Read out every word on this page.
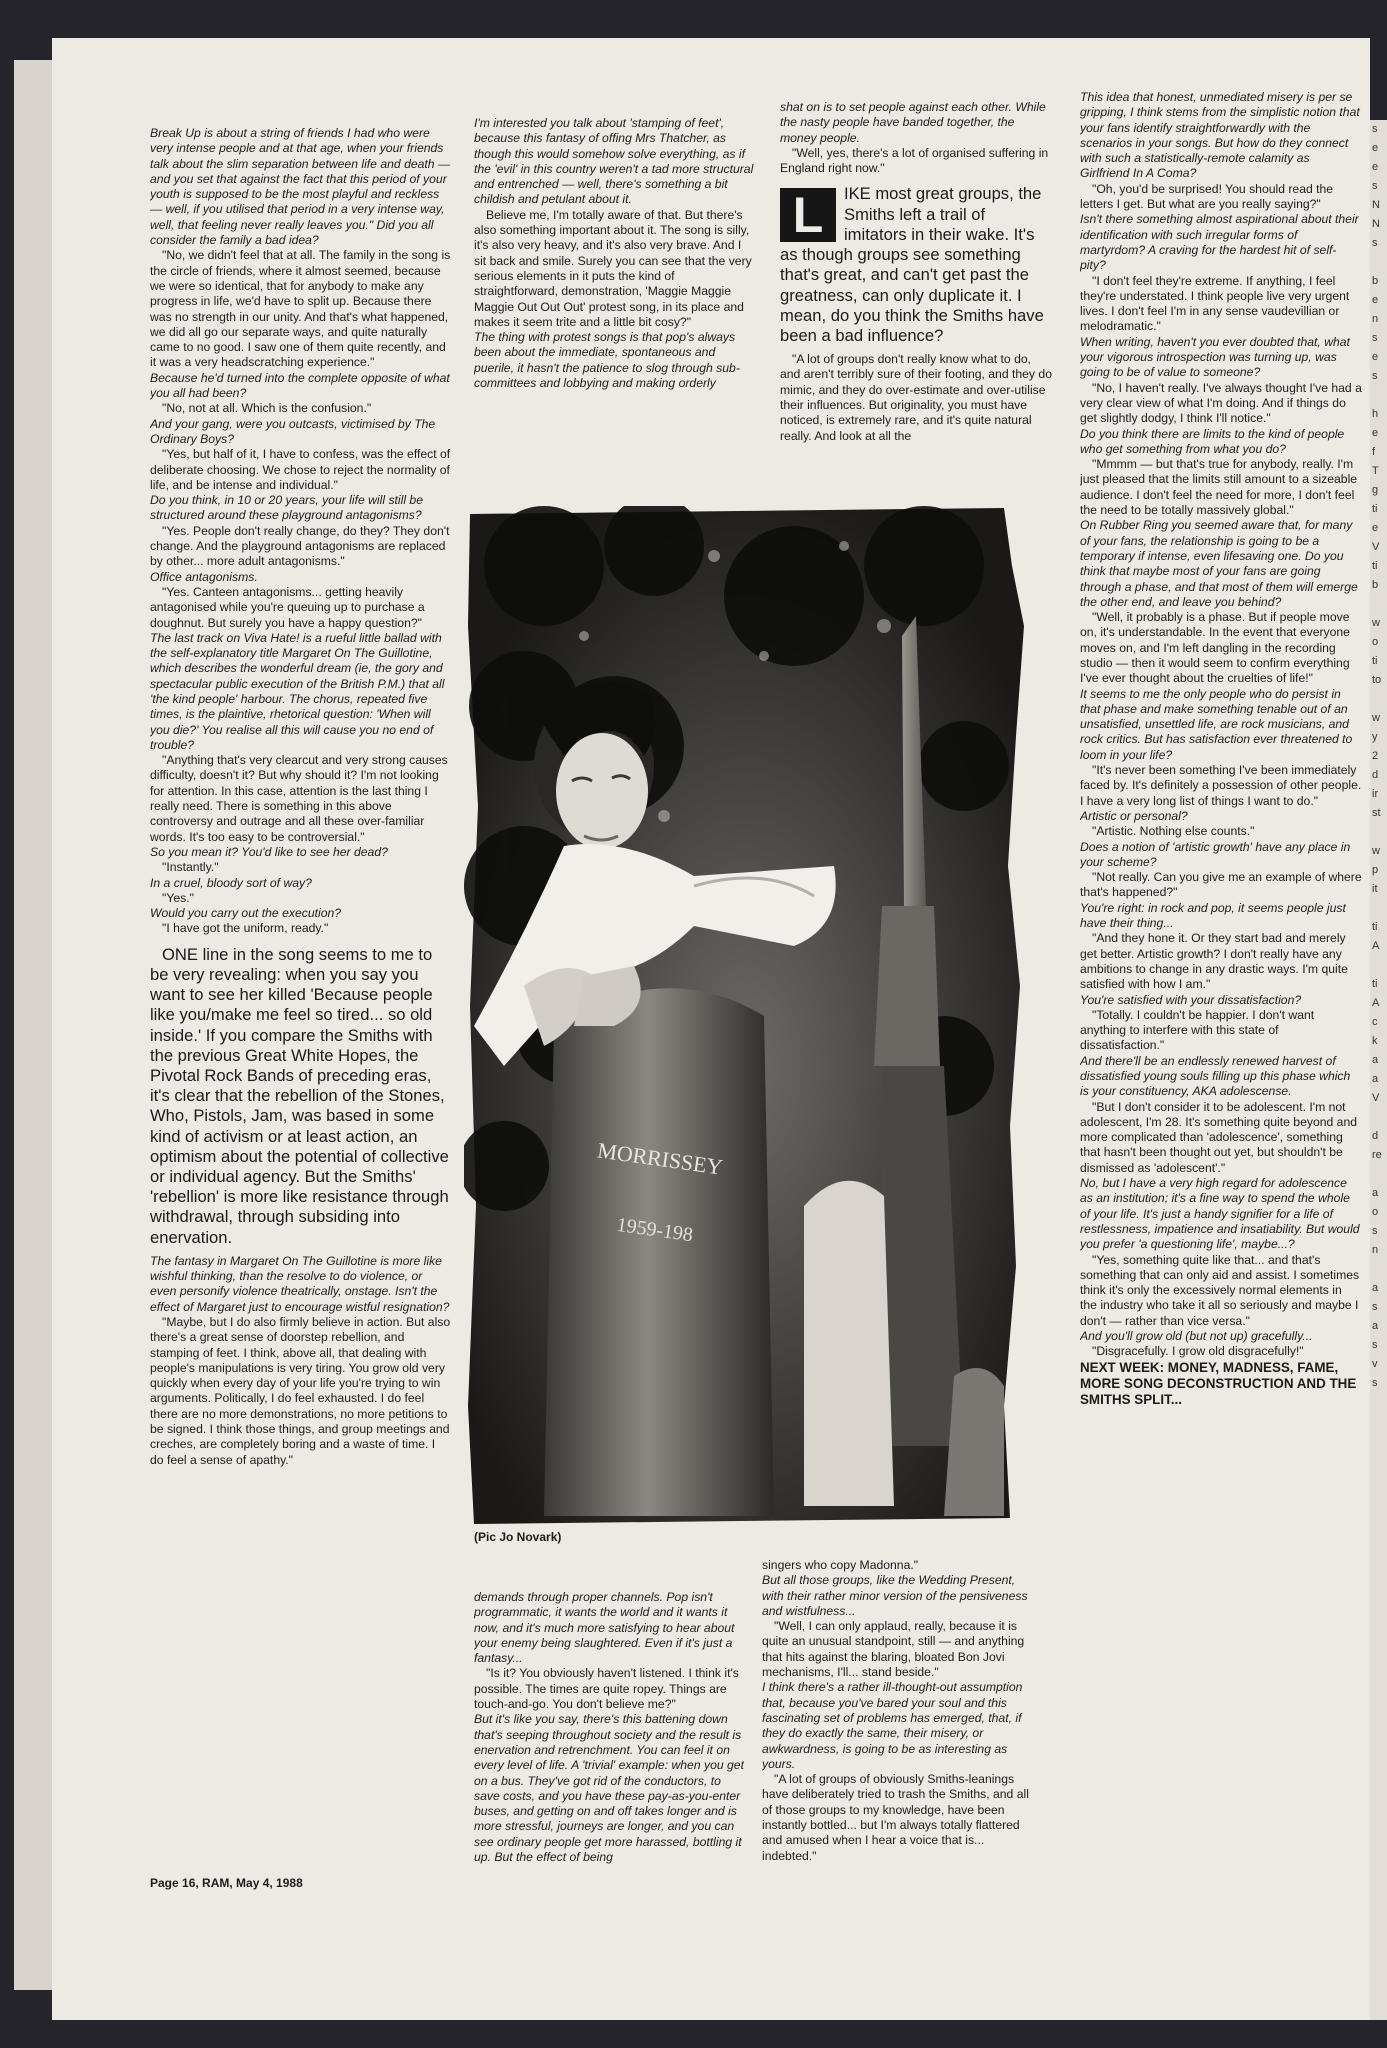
Break Up is about a string of friends I had who were very intense people and at that age, when your friends talk about the slim separation between life and death — and you set that against the fact that this period of your youth is supposed to be the most playful and reckless — well, if you utilised that period in a very intense way, well, that feeling never really leaves you." Did you all consider the family a bad idea?

"No, we didn't feel that at all. The family in the song is the circle of friends, where it almost seemed, because we were so identical, that for anybody to make any progress in life, we'd have to split up. Because there was no strength in our unity. And that's what happened, we did all go our separate ways, and quite naturally came to no good. I saw one of them quite recently, and it was a very headscratching experience."

Because he'd turned into the complete opposite of what you all had been?

"No, not at all. Which is the confusion."

And your gang, were you outcasts, victimised by The Ordinary Boys?

"Yes, but half of it, I have to confess, was the effect of deliberate choosing. We chose to reject the normality of life, and be intense and individual."

Do you think, in 10 or 20 years, your life will still be structured around these playground antagonisms?

"Yes. People don't really change, do they? They don't change. And the playground antagonisms are replaced by other... more adult antagonisms."

Office antagonisms.

"Yes. Canteen antagonisms... getting heavily antagonised while you're queuing up to purchase a doughnut. But surely you have a happy question?"

The last track on Viva Hate! is a rueful little ballad with the self-explanatory title Margaret On The Guillotine, which describes the wonderful dream (ie, the gory and spectacular public execution of the British P.M.) that all 'the kind people' harbour. The chorus, repeated five times, is the plaintive, rhetorical question: 'When will you die?' You realise all this will cause you no end of trouble?

"Anything that's very clearcut and very strong causes difficulty, doesn't it? But why should it? I'm not looking for attention. In this case, attention is the last thing I really need. There is something in this above controversy and outrage and all these over-familiar words. It's too easy to be controversial."

So you mean it? You'd like to see her dead?

"Instantly."

In a cruel, bloody sort of way?

"Yes."

Would you carry out the execution?

"I have got the uniform, ready."

ONE line in the song seems to me to be very revealing: when you say you want to see her killed 'Because people like you/make me feel so tired... so old inside.' If you compare the Smiths with the previous Great White Hopes, the Pivotal Rock Bands of preceding eras, it's clear that the rebellion of the Stones, Who, Pistols, Jam, was based in some kind of activism or at least action, an optimism about the potential of collective or individual agency. But the Smiths' 'rebellion' is more like resistance through withdrawal, through subsiding into enervation.

The fantasy in Margaret On The Guillotine is more like wishful thinking, than the resolve to do violence, or even personify violence theatrically, onstage. Isn't the effect of Margaret just to encourage wistful resignation?

"Maybe, but I do also firmly believe in action. But also there's a great sense of doorstep rebellion, and stamping of feet. I think, above all, that dealing with people's manipulations is very tiring. You grow old very quickly when every day of your life you're trying to win arguments. Politically, I do feel exhausted. I do feel there are no more demonstrations, no more petitions to be signed. I think those things, and group meetings and creches, are completely boring and a waste of time. I do feel a sense of apathy."

I'm interested you talk about 'stamping of feet', because this fantasy of offing Mrs Thatcher, as though this would somehow solve everything, as if the 'evil' in this country weren't a tad more structural and entrenched — well, there's something a bit childish and petulant about it.

Believe me, I'm totally aware of that. But there's also something important about it. The song is silly, it's also very heavy, and it's also very brave. And I sit back and smile. Surely you can see that the very serious elements in it puts the kind of straightforward, demonstration, 'Maggie Maggie Maggie Out Out Out' protest song, in its place and makes it seem trite and a little bit cosy?"

The thing with protest songs is that pop's always been about the immediate, spontaneous and puerile, it hasn't the patience to slog through sub-committees and lobbying and making orderly

shat on is to set people against each other. While the nasty people have banded together, the money people.

"Well, yes, there's a lot of organised suffering in England right now."

L	IKE most great groups, the Smiths left a trail of imitators in their wake. It's as though groups see something that's great, and can't get past the greatness, can only duplicate it. I mean, do you think the Smiths have been a bad influence?

"A lot of groups don't really know what to do, and aren't terribly sure of their footing, and they do mimic, and they do over-estimate and over-utilise their influences. But originality, you must have noticed, is extremely rare, and it's quite natural really. And look at all the

MORRISSEY
1959-198
(Pic Jo Novark)

demands through proper channels. Pop isn't programmatic, it wants the world and it wants it now, and it's much more satisfying to hear about your enemy being slaughtered. Even if it's just a fantasy...

"Is it? You obviously haven't listened. I think it's possible. The times are quite ropey. Things are touch-and-go. You don't believe me?"

But it's like you say, there's this battening down that's seeping throughout society and the result is enervation and retrenchment. You can feel it on every level of life. A 'trivial' example: when you get on a bus. They've got rid of the conductors, to save costs, and you have these pay-as-you-enter buses, and getting on and off takes longer and is more stressful, journeys are longer, and you can see ordinary people get more harassed, bottling it up. But the effect of being

singers who copy Madonna."

But all those groups, like the Wedding Present, with their rather minor version of the pensiveness and wistfulness...

"Well, I can only applaud, really, because it is quite an unusual standpoint, still — and anything that hits against the blaring, bloated Bon Jovi mechanisms, I'll... stand beside."

I think there's a rather ill-thought-out assumption that, because you've bared your soul and this fascinating set of problems has emerged, that, if they do exactly the same, their misery, or awkwardness, is going to be as interesting as yours.

"A lot of groups of obviously Smiths-leanings have deliberately tried to trash the Smiths, and all of those groups to my knowledge, have been instantly bottled... but I'm always totally flattered and amused when I hear a voice that is... indebted."

This idea that honest, unmediated misery is per se gripping, I think stems from the simplistic notion that your fans identify straightforwardly with the scenarios in your songs. But how do they connect with such a statistically-remote calamity as Girlfriend In A Coma?

"Oh, you'd be surprised! You should read the letters I get. But what are you really saying?"

Isn't there something almost aspirational about their identification with such irregular forms of martyrdom? A craving for the hardest hit of self-pity?

"I don't feel they're extreme. If anything, I feel they're understated. I think people live very urgent lives. I don't feel I'm in any sense vaudevillian or melodramatic."

When writing, haven't you ever doubted that, what your vigorous introspection was turning up, was going to be of value to someone?

"No, I haven't really. I've always thought I've had a very clear view of what I'm doing. And if things do get slightly dodgy, I think I'll notice."

Do you think there are limits to the kind of people who get something from what you do?

"Mmmm — but that's true for anybody, really. I'm just pleased that the limits still amount to a sizeable audience. I don't feel the need for more, I don't feel the need to be totally massively global."

On Rubber Ring you seemed aware that, for many of your fans, the relationship is going to be a temporary if intense, even lifesaving one. Do you think that maybe most of your fans are going through a phase, and that most of them will emerge the other end, and leave you behind?

"Well, it probably is a phase. But if people move on, it's understandable. In the event that everyone moves on, and I'm left dangling in the recording studio — then it would seem to confirm everything I've ever thought about the cruelties of life!"

It seems to me the only people who do persist in that phase and make something tenable out of an unsatisfied, unsettled life, are rock musicians, and rock critics. But has satisfaction ever threatened to loom in your life?

"It's never been something I've been immediately faced by. It's definitely a possession of other people. I have a very long list of things I want to do."

Artistic or personal?

"Artistic. Nothing else counts."

Does a notion of 'artistic growth' have any place in your scheme?

"Not really. Can you give me an example of where that's happened?"

You're right: in rock and pop, it seems people just have their thing...

"And they hone it. Or they start bad and merely get better. Artistic growth? I don't really have any ambitions to change in any drastic ways. I'm quite satisfied with how I am."

You're satisfied with your dissatisfaction?

"Totally. I couldn't be happier. I don't want anything to interfere with this state of dissatisfaction."

And there'll be an endlessly renewed harvest of dissatisfied young souls filling up this phase which is your constituency, AKA adolescense.

"But I don't consider it to be adolescent. I'm not adolescent, I'm 28. It's something quite beyond and more complicated than 'adolescence', something that hasn't been thought out yet, but shouldn't be dismissed as 'adolescent'."

No, but I have a very high regard for adolescence as an institution; it's a fine way to spend the whole of your life. It's just a handy signifier for a life of restlessness, impatience and insatiability. But would you prefer 'a questioning life', maybe...?

"Yes, something quite like that... and that's something that can only aid and assist. I sometimes think it's only the excessively normal elements in the industry who take it all so seriously and maybe I don't — rather than vice versa."

And you'll grow old (but not up) gracefully...

"Disgracefully. I grow old disgracefully!"

NEXT WEEK: MONEY, MADNESS, FAME, MORE SONG DECONSTRUCTION AND THE SMITHS SPLIT...

Page 16, RAM, May 4, 1988
s
e
e
s
N
N
s

b
e
n
s
e
s

h
e
f
T
g
ti
e
V
ti
b

w
o
ti
to

w
y
2
d
ir
st

w
p
it

ti
A

ti
A
c
k
a
a
V

d
re

a
o
s
n

a
s
a
s
v
s
